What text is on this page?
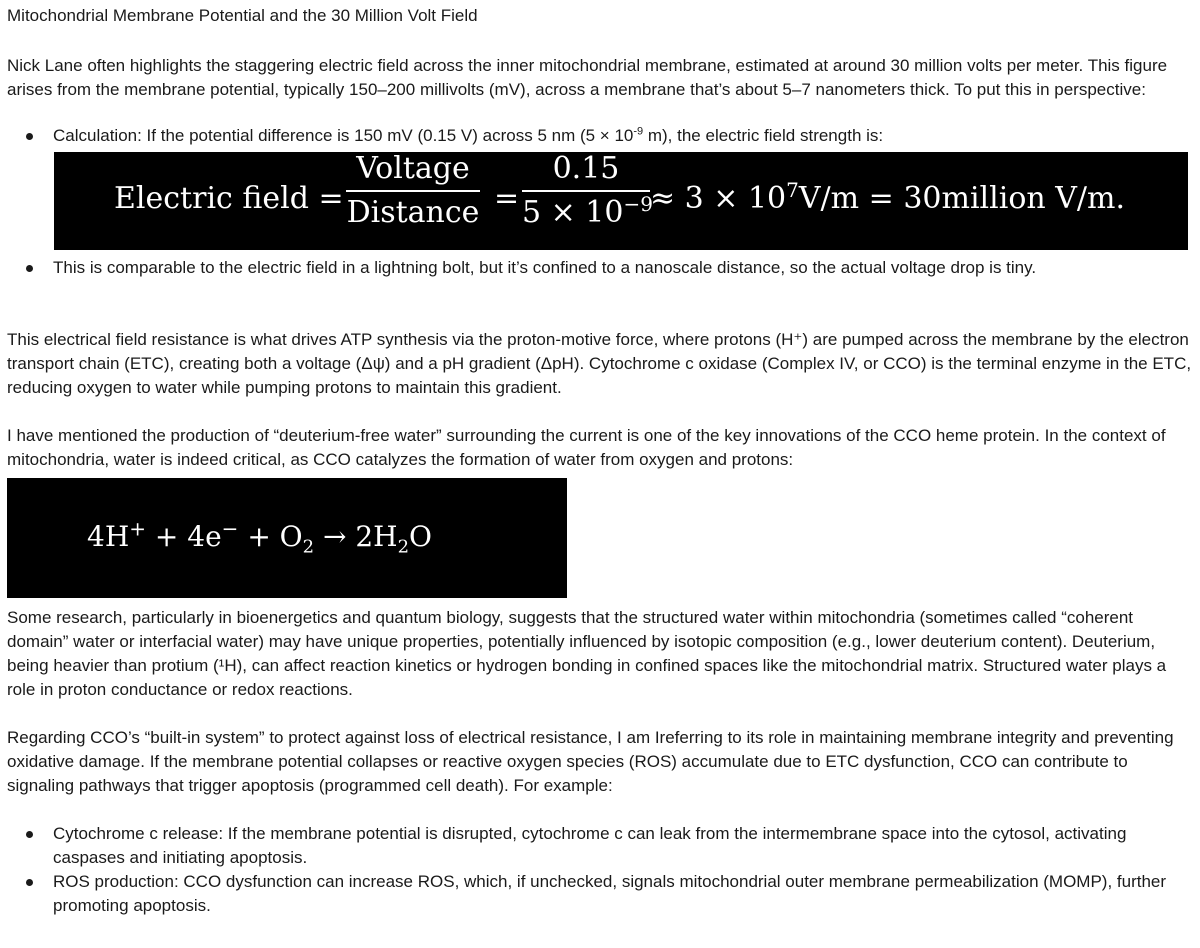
Mitochondrial Membrane Potential and the 30 Million Volt Field

Nick Lane often highlights the staggering electric field across the inner mitochondrial membrane, estimated at around 30 million volts per meter. This figure arises from the membrane potential, typically 150–200 millivolts (mV), across a membrane that’s about 5–7 nanometers thick. To put this in perspective:

Calculation: If the potential difference is 150 mV (0.15 V) across 5 nm ($5 \times 10^{-9}$ m), the electric field strength is:
Electric field =
Voltage
Distance =
0.15
$5 \times 10^{-9}$
≈ $3 \times 10^7V/m$ = 30million V/m.
This is comparable to the electric field in a lightning bolt, but it’s confined to a nanoscale distance, so the actual voltage drop is tiny.

This electrical field resistance is what drives ATP synthesis via the proton-motive force, where protons (H⁺) are pumped across the membrane by the electron transport chain (ETC), creating both a voltage (Δψ) and a pH gradient (ΔpH). Cytochrome c oxidase (Complex IV, or CCO) is the terminal enzyme in the ETC, reducing oxygen to water while pumping protons to maintain this gradient.

I have mentioned the production of “deuterium-free water” surrounding the current is one of the key innovations of the CCO heme protein. In the context of mitochondria, water is indeed critical, as CCO catalyzes the formation of water from oxygen and protons:

$4H^+ + 4e^- + O_2 \to 2H_2O$

Some research, particularly in bioenergetics and quantum biology, suggests that the structured water within mitochondria (sometimes called “coherent domain” water or interfacial water) may have unique properties, potentially influenced by isotopic composition (e.g., lower deuterium content). Deuterium, being heavier than protium (¹H), can affect reaction kinetics or hydrogen bonding in confined spaces like the mitochondrial matrix. Structured water plays a role in proton conductance or redox reactions.

Regarding CCO’s “built-in system” to protect against loss of electrical resistance, I am Ireferring to its role in maintaining membrane integrity and preventing oxidative damage. If the membrane potential collapses or reactive oxygen species (ROS) accumulate due to ETC dysfunction, CCO can contribute to signaling pathways that trigger apoptosis (programmed cell death). For example:

Cytochrome c release: If the membrane potential is disrupted, cytochrome c can leak from the intermembrane space into the cytosol, activating caspases and initiating apoptosis.
ROS production: CCO dysfunction can increase ROS, which, if unchecked, signals mitochondrial outer membrane permeabilization (MOMP), further promoting apoptosis.
